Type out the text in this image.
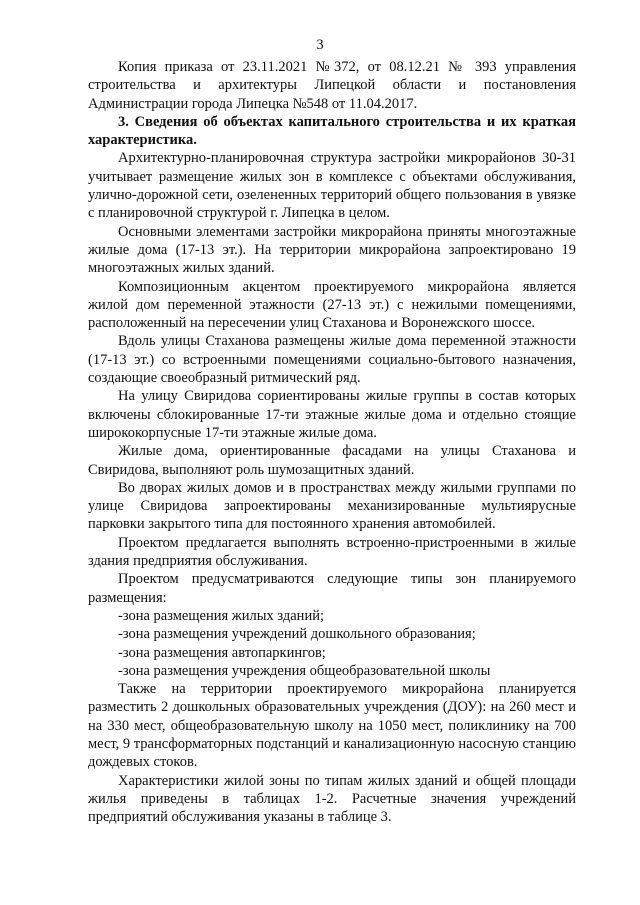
3

Копия приказа от 23.11.2021 №372, от 08.12.21 № 393 управления строительства и архитектуры Липецкой области и постановления Администрации города Липецка №548 от 11.04.2017.

3. Сведения об объектах капитального строительства и их краткая характеристика.

Архитектурно-планировочная структура застройки микрорайонов 30-31 учитывает размещение жилых зон в комплексе с объектами обслуживания, улично-дорожной сети, озелененных территорий общего пользования в увязке с планировочной структурой г. Липецка в целом.

Основными элементами застройки микрорайона приняты многоэтажные жилые дома (17-13 эт.). На территории микрорайона запроектировано 19 многоэтажных жилых зданий.

Композиционным акцентом проектируемого микрорайона является жилой дом переменной этажности (27-13 эт.) с нежилыми помещениями, расположенный на пересечении улиц Стаханова и Воронежского шоссе.

Вдоль улицы Стаханова размещены жилые дома переменной этажности (17-13 эт.) со встроенными помещениями социально-бытового назначения, создающие своеобразный ритмический ряд.

На улицу Свиридова сориентированы жилые группы в состав которых включены сблокированные 17-ти этажные жилые дома и отдельно стоящие ширококорпусные 17-ти этажные жилые дома.

Жилые дома, ориентированные фасадами на улицы Стаханова и Свиридова, выполняют роль шумозащитных зданий.

Во дворах жилых домов и в пространствах между жилыми группами по улице Свиридова запроектированы механизированные мультиярусные парковки закрытого типа для постоянного хранения автомобилей.

Проектом предлагается выполнять встроенно-пристроенными в жилые здания предприятия обслуживания.

Проектом предусматриваются следующие типы зон планируемого размещения:

-зона размещения жилых зданий;

-зона размещения учреждений дошкольного образования;

-зона размещения автопаркингов;

-зона размещения учреждения общеобразовательной школы

Также на территории проектируемого микрорайона планируется разместить 2 дошкольных образовательных учреждения (ДОУ): на 260 мест и на 330 мест, общеобразовательную школу на 1050 мест, поликлинику на 700 мест, 9 трансформаторных подстанций и канализационную насосную станцию дождевых стоков.

Характеристики жилой зоны по типам жилых зданий и общей площади жилья приведены в таблицах 1-2. Расчетные значения учреждений предприятий обслуживания указаны в таблице 3.
